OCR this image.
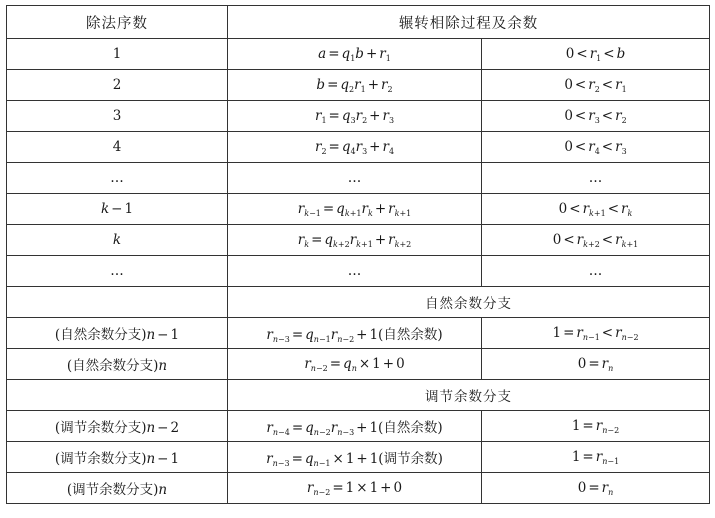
除法序数	辗转相除过程及余数	
1	$a = q_1b + r_1$	$0 < r_1 < b$
2	$b = q_2r_1 + r_2$	$0 < r_2 < r_1$
3	$r_1 = q_3r_2 + r_3$	$0 < r_3 < r_2$
4	$r_2 = q_4r_3 + r_4$	$0 < r_4 < r_3$
…	…	…
k − 1	$r_{k-1} = q_{k+1}r_k + r_{k+1}$	$0 < r_{k+1} < r_k$
k	$r_k = q_{k+2}r_{k+1} + r_{k+2}$	$0 < r_{k+2} < r_{k+1}$
…	…	…
	自然余数分支	
(自然余数分支)n − 1	$r_{n-3} = q_{n-1}r_{n-2} + 1$(自然余数)	$1 = r_{n-1} < r_{n-2}$
(自然余数分支)n	$r_{n-2} = q_n \times 1 + 0$	$0 = r_n$
	调节余数分支	
(调节余数分支)n − 2	$r_{n-4} = q_{n-2}r_{n-3} + 1$(自然余数)	$1 = r_{n-2}$
(调节余数分支)n − 1	$r_{n-3} = q_{n-1} \times 1 + 1$(调节余数)	$1 = r_{n-1}$
(调节余数分支)n	$r_{n-2} = 1 \times 1 + 0$	$0 = r_n$
